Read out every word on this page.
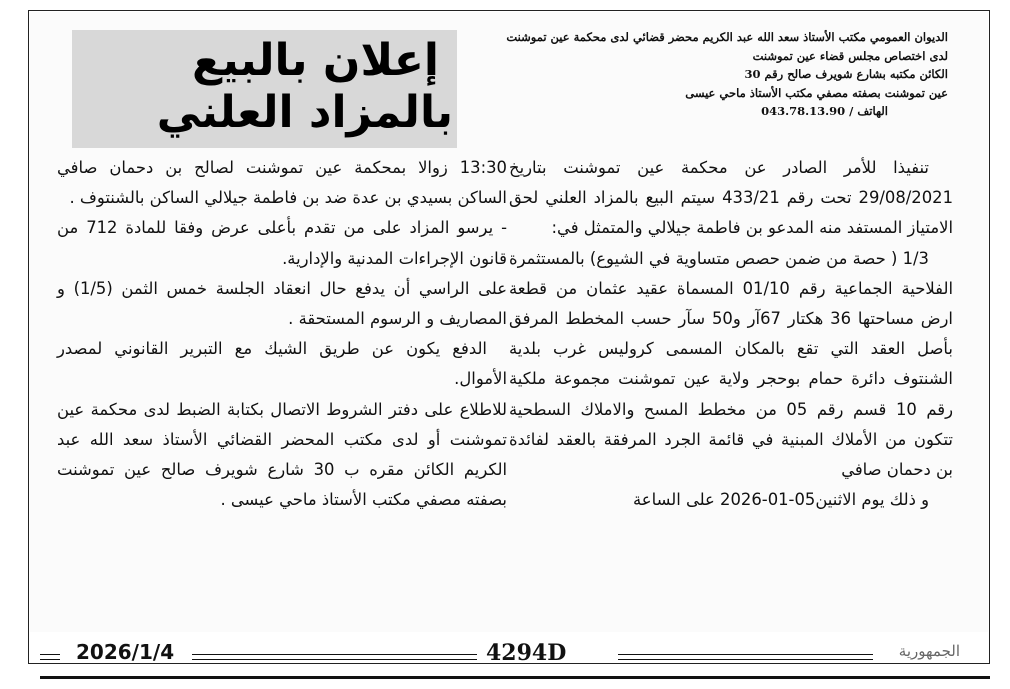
الديوان العمومي مكتب الأستاذ سعد الله عبد الكريم محضر قضائي لدى محكمة عين تموشنت
لدى اختصاص مجلس قضاء عين تموشنت
الكائن مكتبه بشارع شويرف صالح رقم 30
عين تموشنت بصفته مصفي مكتب الأستاذ ماحي عيسى
الهاتف / 043.78.13.90
إعلان بالبيع
بالمزاد العلني

تنفيذا للأمر الصادر عن محكمة عين تموشنت بتاريخ 29/08/2021 تحت رقم 433/21 سيتم البيع بالمزاد العلني لحق الامتياز المستفد منه المدعو بن فاطمة جيلالي والمتمثل في:

1/3 ( حصة من ضمن حصص متساوية في الشيوع) بالمستثمرة الفلاحية الجماعية رقم 01/10 المسماة عقيد عثمان من قطعة ارض مساحتها 36 هكتار 67آر و50 سآر حسب المخطط المرفق بأصل العقد التي تقع بالمكان المسمى كروليس غرب بلدية الشنتوف دائرة حمام بوحجر ولاية عين تموشنت مجموعة ملكية رقم 10 قسم رقم 05 من مخطط المسح والاملاك السطحية تتكون من الأملاك المبنية في قائمة الجرد المرفقة بالعقد لفائدة بن دحمان صافي

و ذلك يوم الاثنين05-01-2026 على الساعة

13:30 زوالا بمحكمة عين تموشنت لصالح بن دحمان صافي الساكن بسيدي بن عدة ضد بن فاطمة جيلالي الساكن بالشنتوف .

- يرسو المزاد على من تقدم بأعلى عرض وفقا للمادة 712 من قانون الإجراءات المدنية والإدارية.

على الراسي أن يدفع حال انعقاد الجلسة خمس الثمن (1/5) و المصاريف و الرسوم المستحقة .

الدفع يكون عن طريق الشيك مع التبرير القانوني لمصدر الأموال.

للاطلاع على دفتر الشروط الاتصال بكتابة الضبط لدى محكمة عين تموشنت أو لدى مكتب المحضر القضائي الأستاذ سعد الله عبد الكريم الكائن مقره ب 30 شارع شويرف صالح عين تموشنت بصفته مصفي مكتب الأستاذ ماحي عيسى .

2026/1/4	4294D	الجمهورية
